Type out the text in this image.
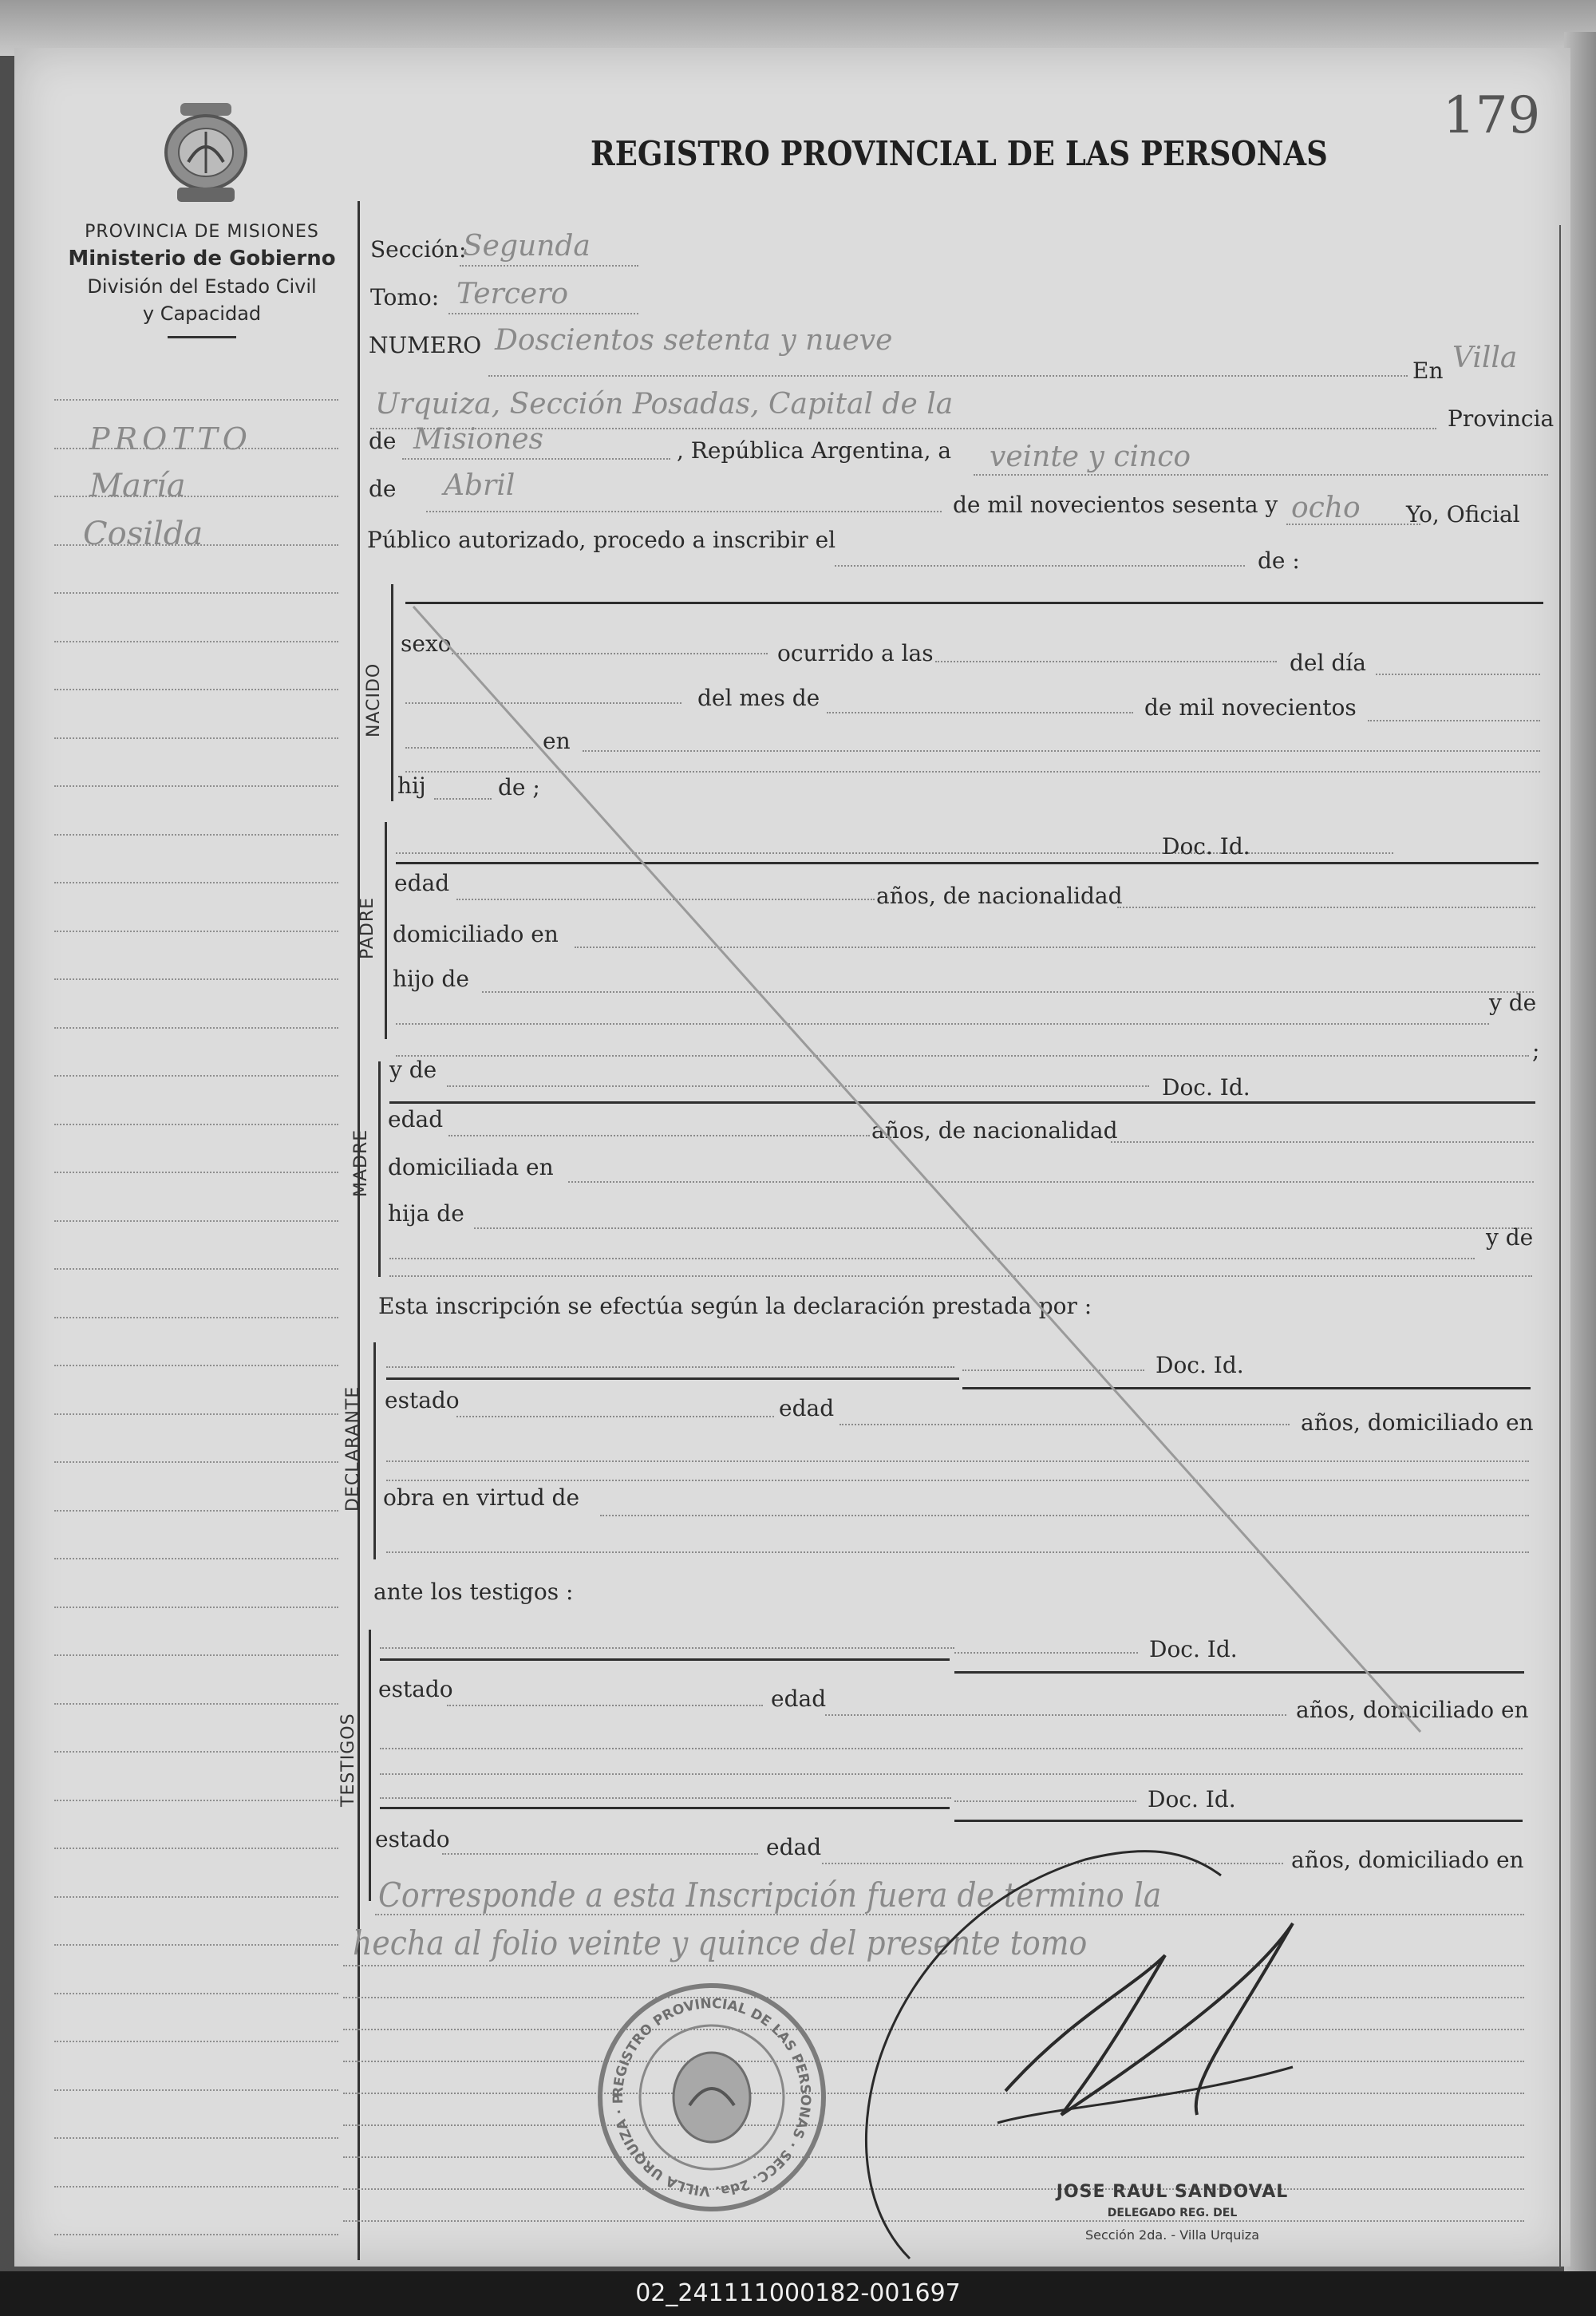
PROVINCIA DE MISIONES
Ministerio de Gobierno
División del Estado Civil
y Capacidad
REGISTRO PROVINCIAL DE LAS PERSONAS
179
PROTTO
María
Cosilda
Sección:
Segunda
Tomo: Tercero
NUMERO Doscientos setenta y nueve
En Villa
Urquiza, Sección Posadas, Capital de la	Provincia
de Misiones	, República Argentina, a veinte y cinco
de Abril
de mil novecientos sesenta y ocho Yo, Oficial
Público autorizado, procedo a inscribir el
de :
NACIDO
sexo	ocurrido a las	del día
del mes de	de mil novecientos
en
hij	de ;
PADRE
Doc. Id.
edad	años, de nacionalidad
domiciliado en
hijo de
y de
;
MADRE
y de
Doc. Id.
edad	años, de nacionalidad
domiciliada en
hija de
y de
Esta inscripción se efectúa según la declaración prestada por :
DECLARANTE
Doc. Id.
estado	edad
años, domiciliado en
obra en virtud de
ante los testigos :
TESTIGOS
Doc. Id.
estado	edad	años, domiciliado en
Doc. Id.
estado	edad	años, domiciliado en
Corresponde a esta Inscripción fuera de término la
hecha al folio veinte y quince del presente tomo
REGISTRO PROVINCIAL DE LAS PERSONAS · SECC. 2da. VILLA URQUIZA · P
JOSE RAUL SANDOVAL
DELEGADO REG. DEL
Sección 2da. - Villa Urquiza
02_241111000182-001697
